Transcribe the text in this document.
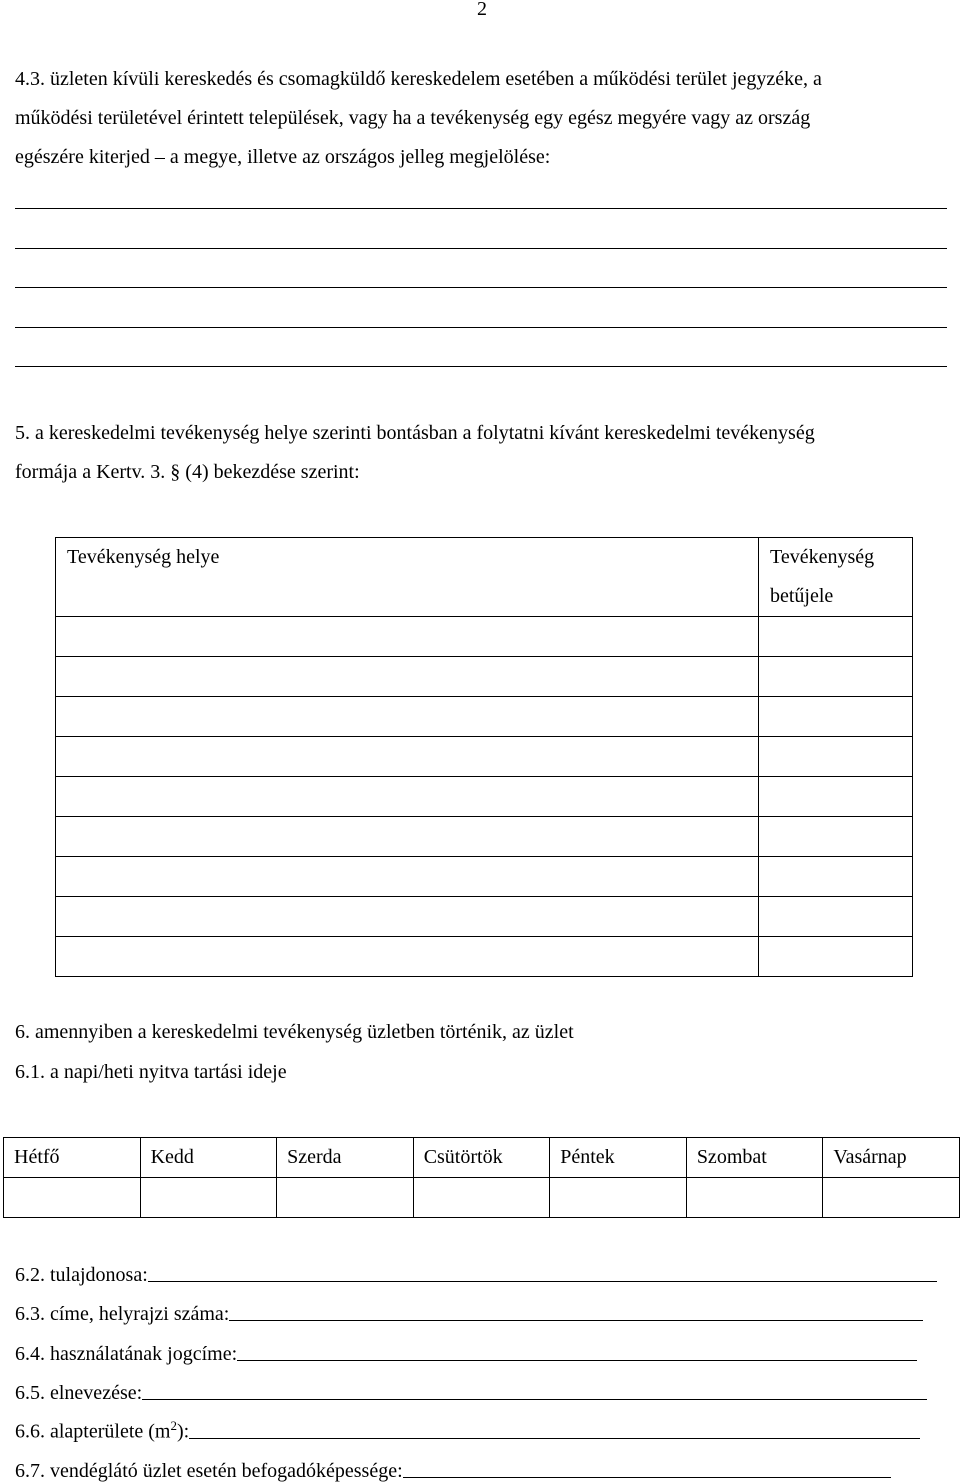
2
4.3. üzleten kívüli kereskedés és csomagküldő kereskedelem esetében a működési terület jegyzéke, a
működési területével érintett települések, vagy ha a tevékenység egy egész megyére vagy az ország
egészére kiterjed – a megye, illetve az országos jelleg megjelölése:
5. a kereskedelmi tevékenység helye szerinti bontásban a folytatni kívánt kereskedelmi tevékenység
formája a Kertv. 3. § (4) bekezdése szerint:
Tevékenység helye	Tevékenység
betűjele

6. amennyiben a kereskedelmi tevékenység üzletben történik, az üzlet
6.1. a napi/heti nyitva tartási ideje
Hétfő	Kedd	Szerda	Csütörtök	Péntek	Szombat	Vasárnap

6.2. tulajdonosa:
6.3. címe, helyrajzi száma:
6.4. használatának jogcíme:
6.5. elnevezése:
6.6. alapterülete $(m^2)$:
6.7. vendéglátó üzlet esetén befogadóképessége:
